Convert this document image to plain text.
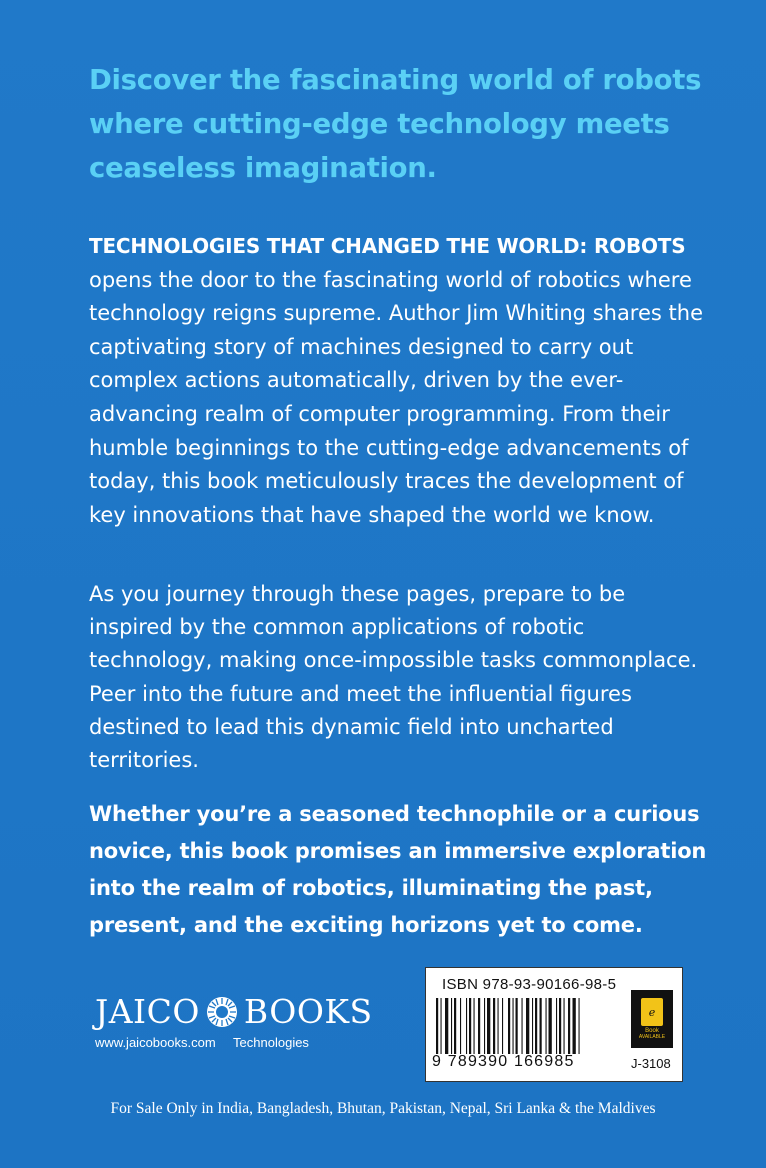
Discover the fascinating world of robots where cutting-edge technology meets ceaseless imagination.

TECHNOLOGIES THAT CHANGED THE WORLD: ROBOTS
opens the door to the fascinating world of robotics where technology reigns supreme. Author Jim Whiting shares the captivating story of machines designed to carry out complex actions automatically, driven by the ever-advancing realm of computer programming. From their humble beginnings to the cutting-edge advancements of today, this book meticulously traces the development of key innovations that have shaped the world we know.

As you journey through these pages, prepare to be inspired by the common applications of robotic technology, making once-impossible tasks commonplace. Peer into the future and meet the influential figures destined to lead this dynamic field into uncharted territories.

Whether you’re a seasoned technophile or a curious novice, this book promises an immersive exploration into the realm of robotics, illuminating the past, present, and the exciting horizons yet to come.

JAICO BOOKS
www.jaicobooks.com Technologies
ISBN 978-93-90166-98-5
9 789390 166985
e
Book
AVAILABLE
J-3108
For Sale Only in India, Bangladesh, Bhutan, Pakistan, Nepal, Sri Lanka & the Maldives
